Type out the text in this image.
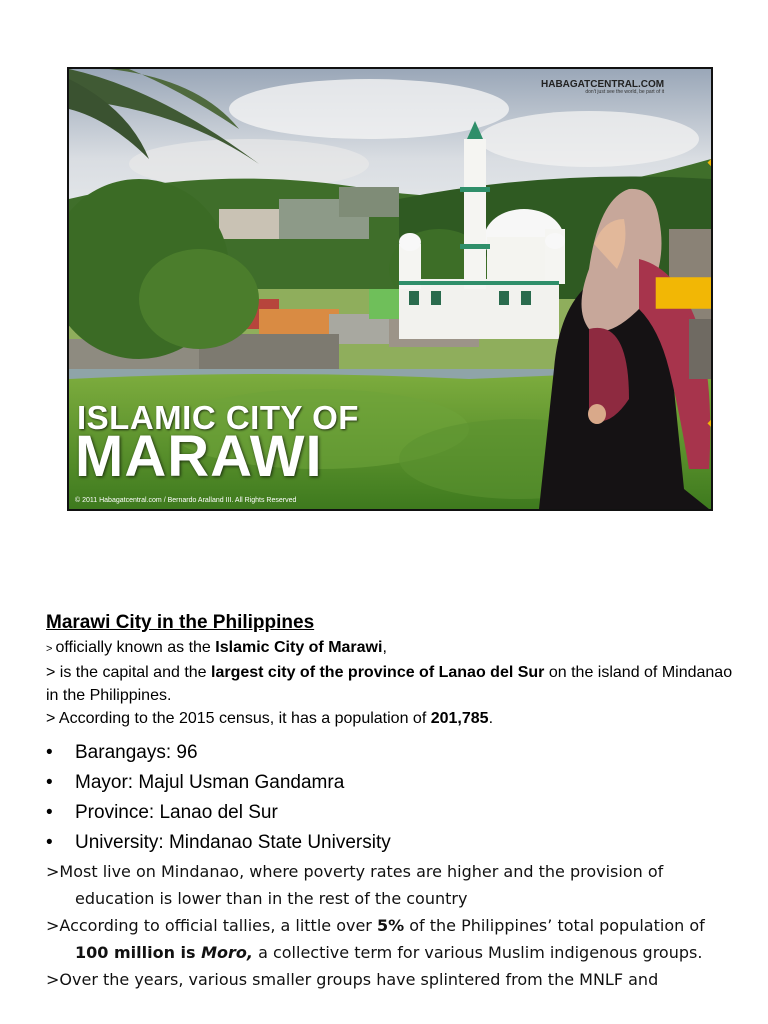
HABAGATCENTRAL.COM
don't just see the world, be part of it
ISLAMIC CITY OF
MARAWI
© 2011 Habagatcentral.com / Bernardo Aralland III. All Rights Reserved
Marawi City in the Philippines
> officially known as the Islamic City of Marawi,
> is the capital and the largest city of the province of Lanao del Sur on the island of Mindanao in the Philippines.
> According to the 2015 census, it has a population of 201,785.
• Barangays: 96
• Mayor: Majul Usman Gandamra
• Province: Lanao del Sur
• University: Mindanao State University

>Most live on Mindanao, where poverty rates are higher and the provision of education is lower than in the rest of the country

>According to official tallies, a little over 5% of the Philippines’ total population of 100 million is Moro, a collective term for various Muslim indigenous groups.

>Over the years, various smaller groups have splintered from the MNLF and
